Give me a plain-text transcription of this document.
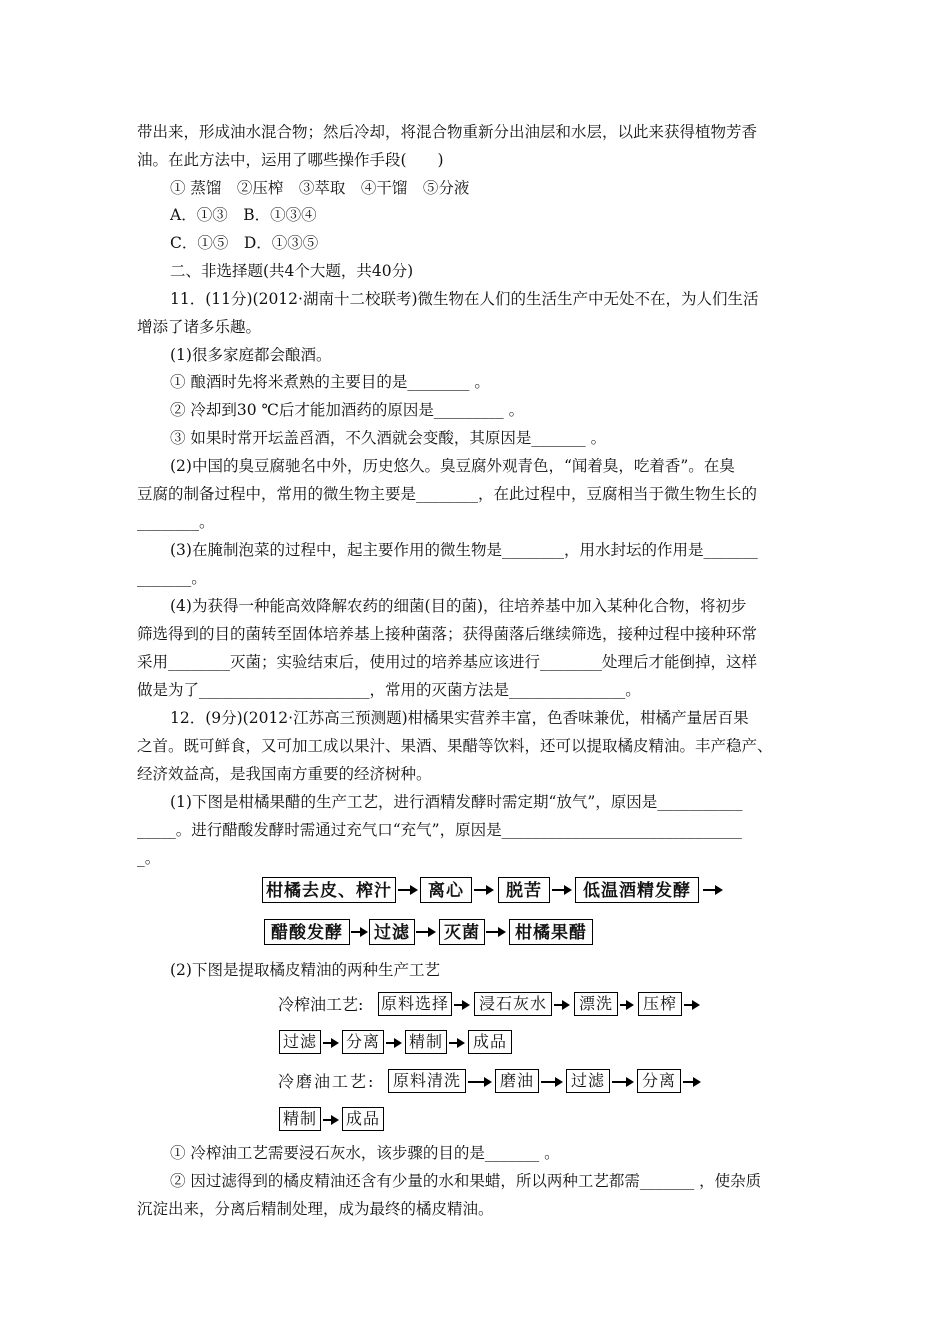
带出来，形成油水混合物；然后冷却，将混合物重新分出油层和水层，以此来获得植物芳香
油。在此方法中，运用了哪些操作手段(　　)
① 蒸馏　②压榨　③萃取　④干馏　⑤分液
A．①③　B．①③④
C．①⑤　D．①③⑤
二、非选择题(共4个大题，共40分)
11．(11分)(2012·湖南十二校联考)微生物在人们的生活生产中无处不在，为人们生活
增添了诸多乐趣。
(1)很多家庭都会酿酒。
① 酿酒时先将米煮熟的主要目的是________ 。
② 冷却到30 ℃后才能加酒药的原因是_________ 。
③ 如果时常开坛盖舀酒，不久酒就会变酸，其原因是_______ 。
(2)中国的臭豆腐驰名中外，历史悠久。臭豆腐外观青色，“闻着臭，吃着香”。在臭
豆腐的制备过程中，常用的微生物主要是________，在此过程中，豆腐相当于微生物生长的
________。
(3)在腌制泡菜的过程中，起主要作用的微生物是________，用水封坛的作用是_______
_______。
(4)为获得一种能高效降解农药的细菌(目的菌)，往培养基中加入某种化合物，将初步
筛选得到的目的菌转至固体培养基上接种菌落；获得菌落后继续筛选，接种过程中接种环常
采用________灭菌；实验结束后，使用过的培养基应该进行________处理后才能倒掉，这样
做是为了______________________，常用的灭菌方法是_______________。
12．(9分)(2012·江苏高三预测题)柑橘果实营养丰富，色香味兼优，柑橘产量居百果
之首。既可鲜食，又可加工成以果汁、果酒、果醋等饮料，还可以提取橘皮精油。丰产稳产、
经济效益高，是我国南方重要的经济树种。
(1)下图是柑橘果醋的生产工艺，进行酒精发酵时需定期“放气”，原因是___________
_____。进行醋酸发酵时需通过充气口“充气”，原因是_______________________________
_。
柑橘去皮、榨汁	离心	脱苦	低温酒精发酵
醋酸发酵	过滤 灭菌	柑橘果醋
(2)下图是提取橘皮精油的两种生产工艺
冷榨油工艺: 原料选择	浸石灰水	漂洗	压榨
过滤 分离 精制	成品
冷磨油工艺:	原料清洗	磨油	过滤	分离
精制 成品
① 冷榨油工艺需要浸石灰水，该步骤的目的是_______ 。
② 因过滤得到的橘皮精油还含有少量的水和果蜡，所以两种工艺都需_______ ，使杂质
沉淀出来，分离后精制处理，成为最终的橘皮精油。
